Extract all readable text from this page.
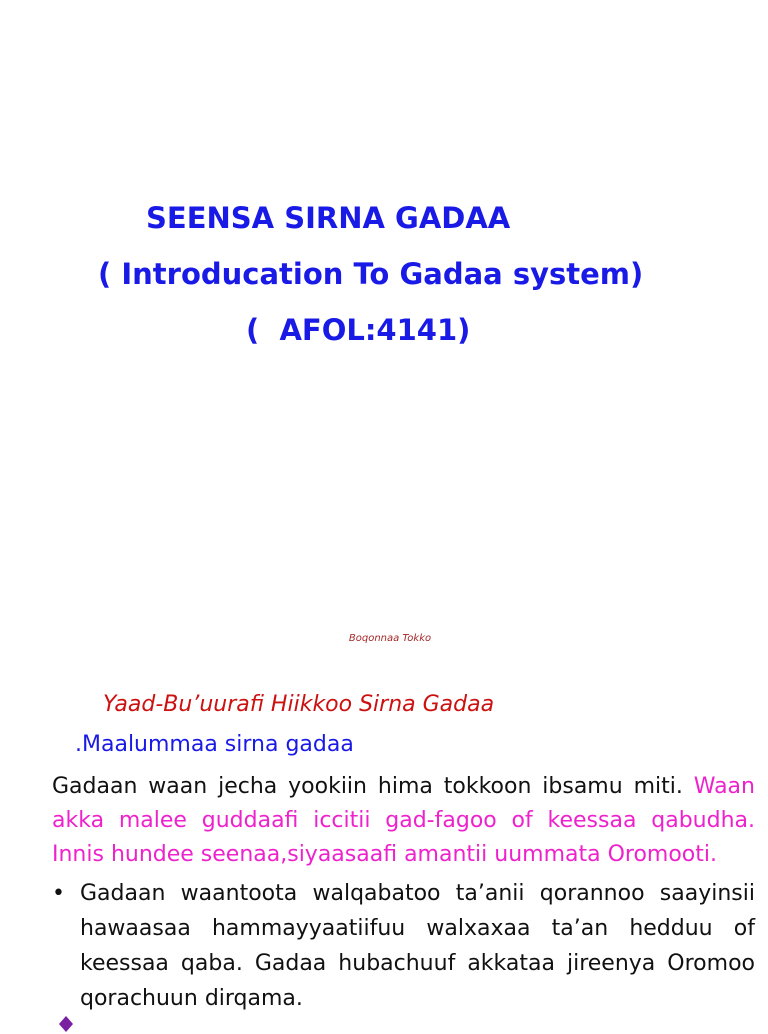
SEENSA SIRNA GADAA
( Introducation To Gadaa system)
(  AFOL:4141)
Boqonnaa Tokko
Yaad-Bu’uurafi Hiikkoo Sirna Gadaa
.Maalummaa sirna gadaa
Gadaan waan jecha yookiin hima tokkoon ibsamu miti. Waan akka malee guddaafi iccitii gad-fagoo of keessaa qabudha. Innis hundee seenaa,siyaasaafi amantii uummata Oromooti.
• Gadaan waantoota walqabatoo ta’anii qorannoo saayinsii hawaasaa hammayyaatiifuu walxaxaa ta’an hedduu of keessaa qaba. Gadaa hubachuuf akkataa jireenya Oromoo qorachuun dirqama.
